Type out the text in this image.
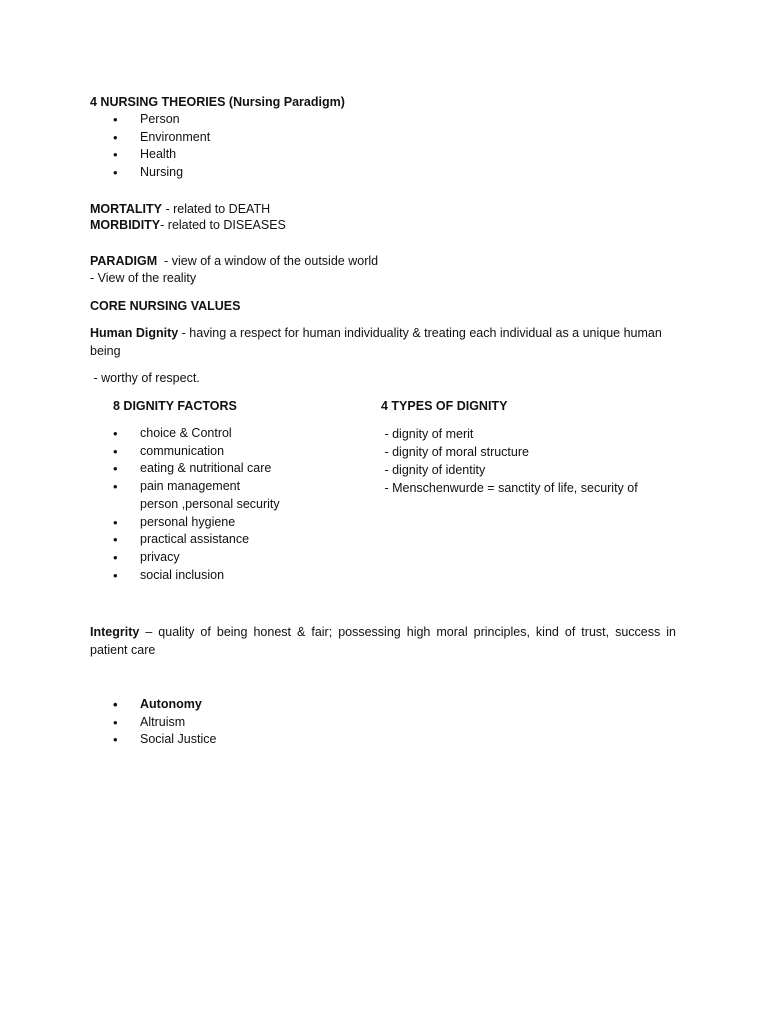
4 NURSING THEORIES (Nursing Paradigm)
• Person
• Environment
• Health
• Nursing
MORTALITY - related to DEATH
MORBIDITY- related to DISEASES
PARADIGM  - view of a window of the outside world
- View of the reality
CORE NURSING VALUES
Human Dignity - having a respect for human individuality & treating each individual as a unique human being
- worthy of respect.
8 DIGNITY FACTORS
• choice & Control
• communication
• eating & nutritional care
• pain management
person ,personal security
• personal hygiene
• practical assistance
• privacy
• social inclusion
4 TYPES OF DIGNITY
- dignity of merit
- dignity of moral structure
- dignity of identity
- Menschenwurde = sanctity of life, security of
Integrity – quality of being honest & fair; possessing high moral principles, kind of trust, success in patient care
• Autonomy
• Altruism
• Social Justice
